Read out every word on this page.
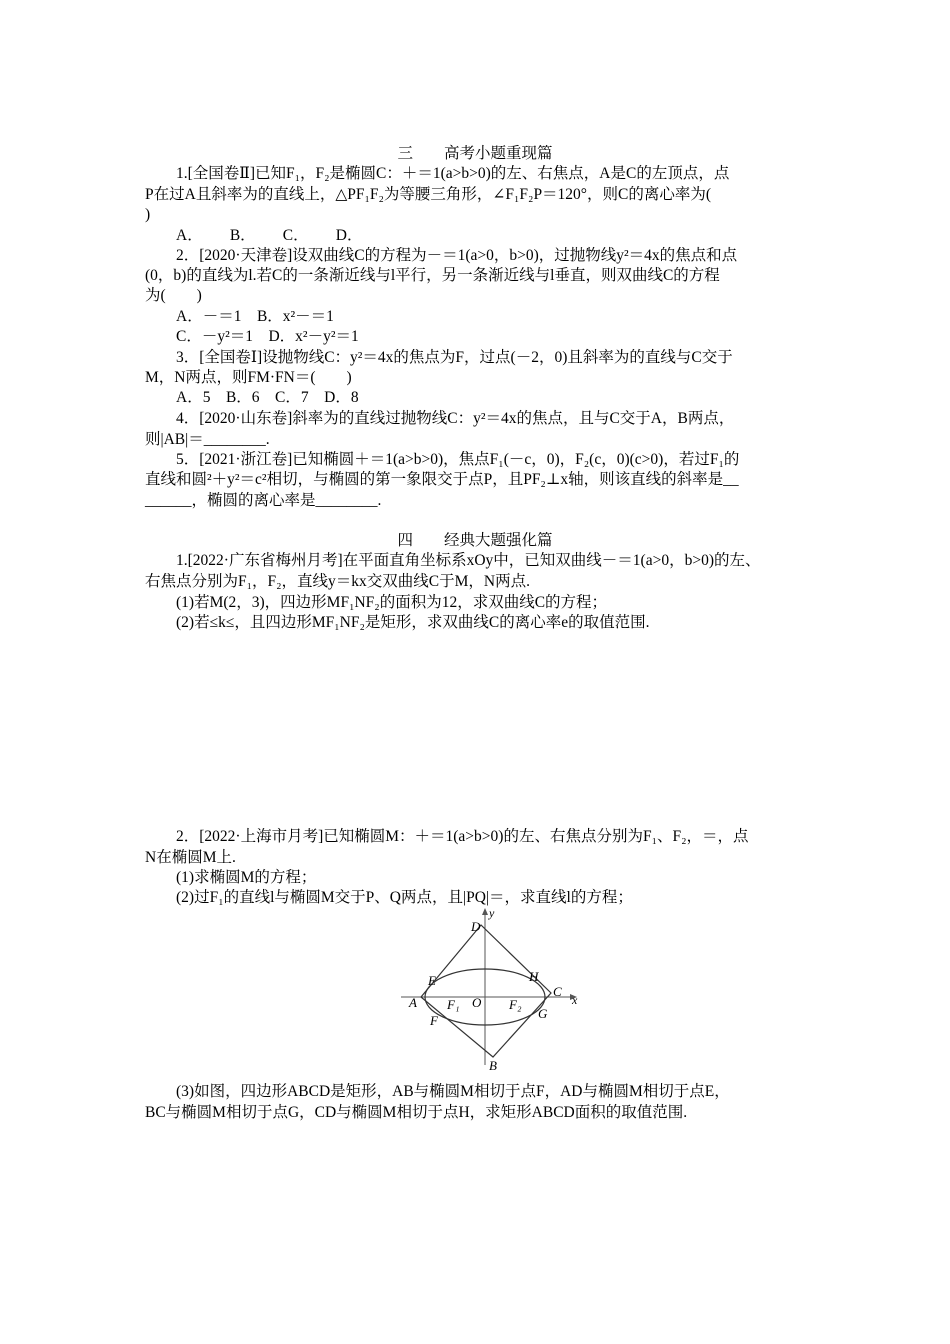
三　　高考小题重现篇
　　1.[全国卷Ⅱ]已知F₁，F₂是椭圆C：＋＝1(a>b>0)的左、右焦点，A是C的左顶点，点
P在过A且斜率为的直线上，△PF₁F₂为等腰三角形，∠F₁F₂P＝120°，则C的离心率为(
)
　　A．　　 B．　　 C．　　 D．
　　2．[2020·天津卷]设双曲线C的方程为－＝1(a>0，b>0)，过抛物线y²＝4x的焦点和点
(0，b)的直线为l.若C的一条渐近线与l平行，另一条渐近线与l垂直，则双曲线C的方程
为(　　)
　　A．－＝1　B．x²－＝1
　　C．－y²＝1　D．x²－y²＝1
　　3．[全国卷Ⅰ]设抛物线C：y²＝4x的焦点为F，过点(－2，0)且斜率为的直线与C交于
M，N两点，则FM·FN＝(　　)
　　A．5　B．6　C．7　D．8
　　4．[2020·山东卷]斜率为的直线过抛物线C：y²＝4x的焦点，且与C交于A，B两点，
则|AB|＝________.
　　5．[2021·浙江卷]已知椭圆＋＝1(a>b>0)，焦点F₁(－c，0)，F₂(c，0)(c>0)，若过F₁的
直线和圆²＋y²＝c²相切，与椭圆的第一象限交于点P，且PF₂⊥x轴，则该直线的斜率是__
______，椭圆的离心率是________.
四　　经典大题强化篇
　　1.[2022·广东省梅州月考]在平面直角坐标系xOy中，已知双曲线－＝1(a>0，b>0)的左、
右焦点分别为F₁，F₂，直线y＝kx交双曲线C于M，N两点.
　　(1)若M(2，3)，四边形MF₁NF₂的面积为12，求双曲线C的方程；
　　(2)若≤k≤，且四边形MF₁NF₂是矩形，求双曲线C的离心率e的取值范围.
　　2．[2022·上海市月考]已知椭圆M：＋＝1(a>b>0)的左、右焦点分别为F₁、F₂，＝，点
N在椭圆M上.
　　(1)求椭圆M的方程；
　　(2)过F₁的直线l与椭圆M交于P、Q两点，且|PQ|＝，求直线l的方程；
y
x
D
E	H
A F₁ O F₂
C
F	G
B
　　(3)如图，四边形ABCD是矩形，AB与椭圆M相切于点F，AD与椭圆M相切于点E，
BC与椭圆M相切于点G，CD与椭圆M相切于点H，求矩形ABCD面积的取值范围.
